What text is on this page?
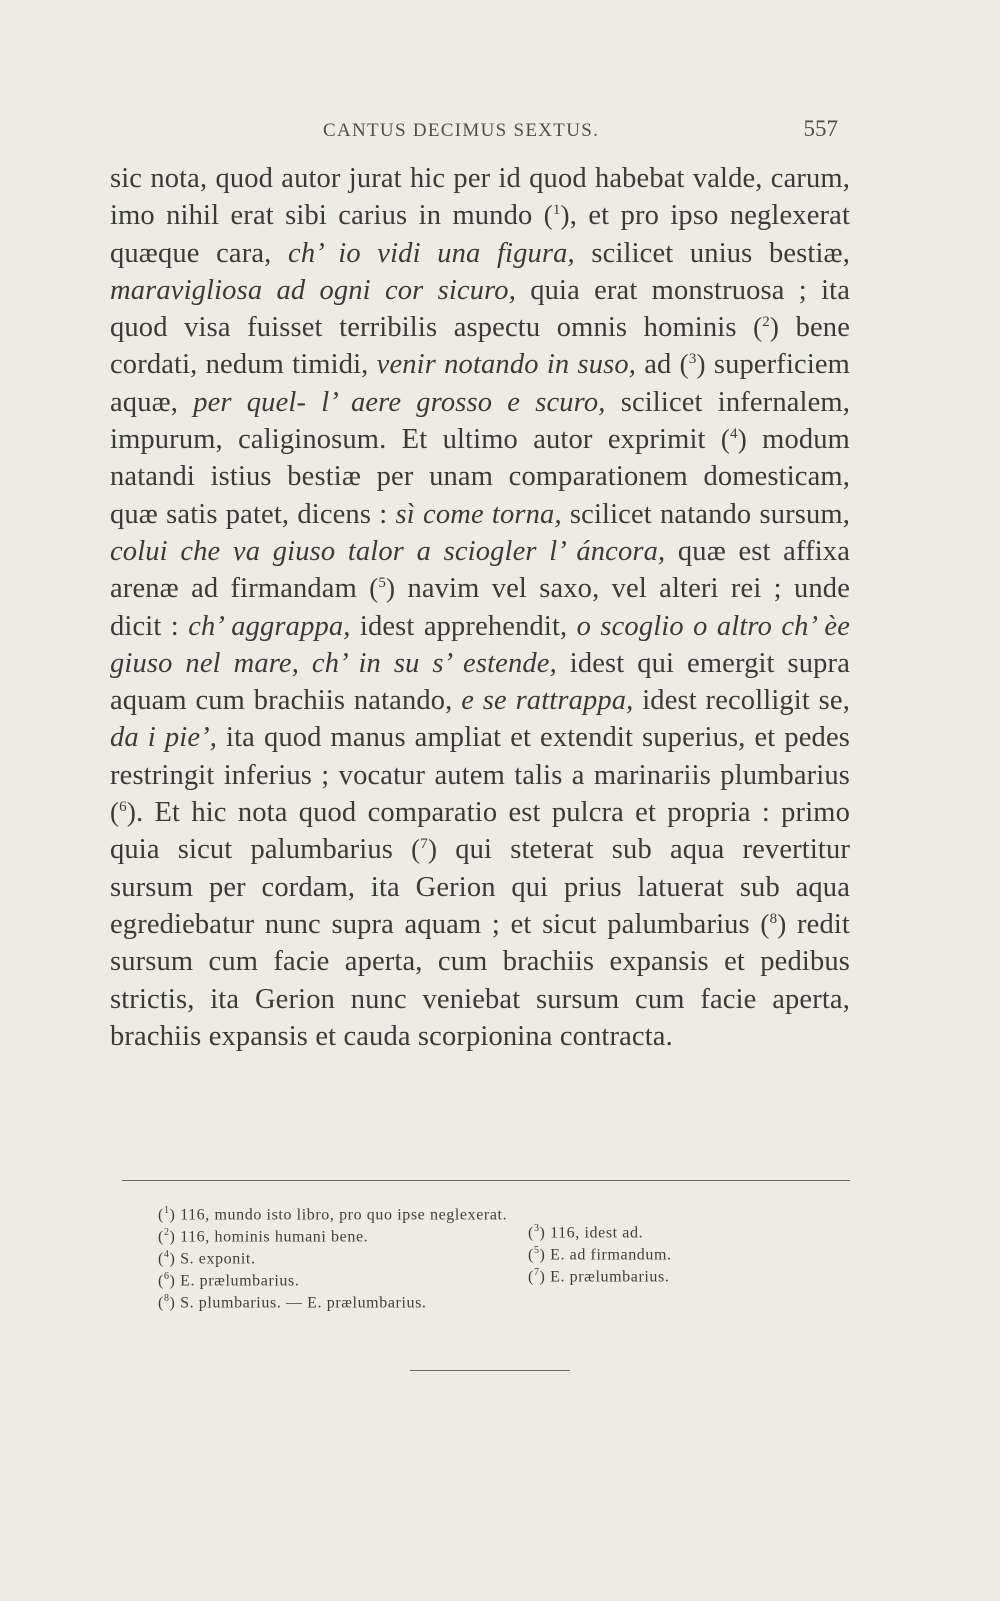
CANTUS DECIMUS SEXTUS.	557

sic nota, quod autor jurat hic per id quod habebat valde, carum, imo nihil erat sibi carius in mundo ($^1$), et pro ipso neglexerat quæque cara, ch’ io vidi una figura, scilicet unius bestiæ, maravigliosa ad ogni cor sicuro, quia erat monstruosa ; ita quod visa fuisset terribilis aspectu omnis hominis ($^2$) bene cordati, nedum timidi, venir notando in suso, ad ($^3$) superficiem aquæ, per quel- l’ aere grosso e scuro, scilicet infernalem, impurum, caliginosum. Et ultimo autor exprimit ($^4$) modum natandi istius bestiæ per unam comparationem domesticam, quæ satis patet, dicens : sì come torna, scilicet natando sursum, colui che va giuso talor a sciogler l’ áncora, quæ est affixa arenæ ad firmandam ($^5$) navim vel saxo, vel alteri rei ; unde dicit : ch’ aggrappa, idest apprehendit, o scoglio o altro ch’ èe giuso nel mare, ch’ in su s’ estende, idest qui emergit supra aquam cum brachiis natando, e se rattrappa, idest recolligit se, da i pie’, ita quod manus ampliat et extendit superius, et pedes restringit inferius ; vocatur autem talis a marinariis plumbarius ($^6$). Et hic nota quod comparatio est pulcra et propria : primo quia sicut palumbarius ($^7$) qui steterat sub aqua revertitur sursum per cordam, ita Gerion qui prius latuerat sub aqua egrediebatur nunc supra aquam ; et sicut palumbarius ($^8$) redit sursum cum facie aperta, cum brachiis expansis et pedibus strictis, ita Gerion nunc veniebat sursum cum facie aperta, brachiis expansis et cauda scorpionina contracta.

($^1$) 116, mundo isto libro, pro quo ipse neglexerat.
($^2$) 116, hominis humani bene.	($^3$) 116, idest ad.
($^4$) S. exponit.	($^5$) E. ad firmandum.
($^6$) E. prælumbarius.	($^7$) E. prælumbarius.
($^8$) S. plumbarius. — E. prælumbarius.
